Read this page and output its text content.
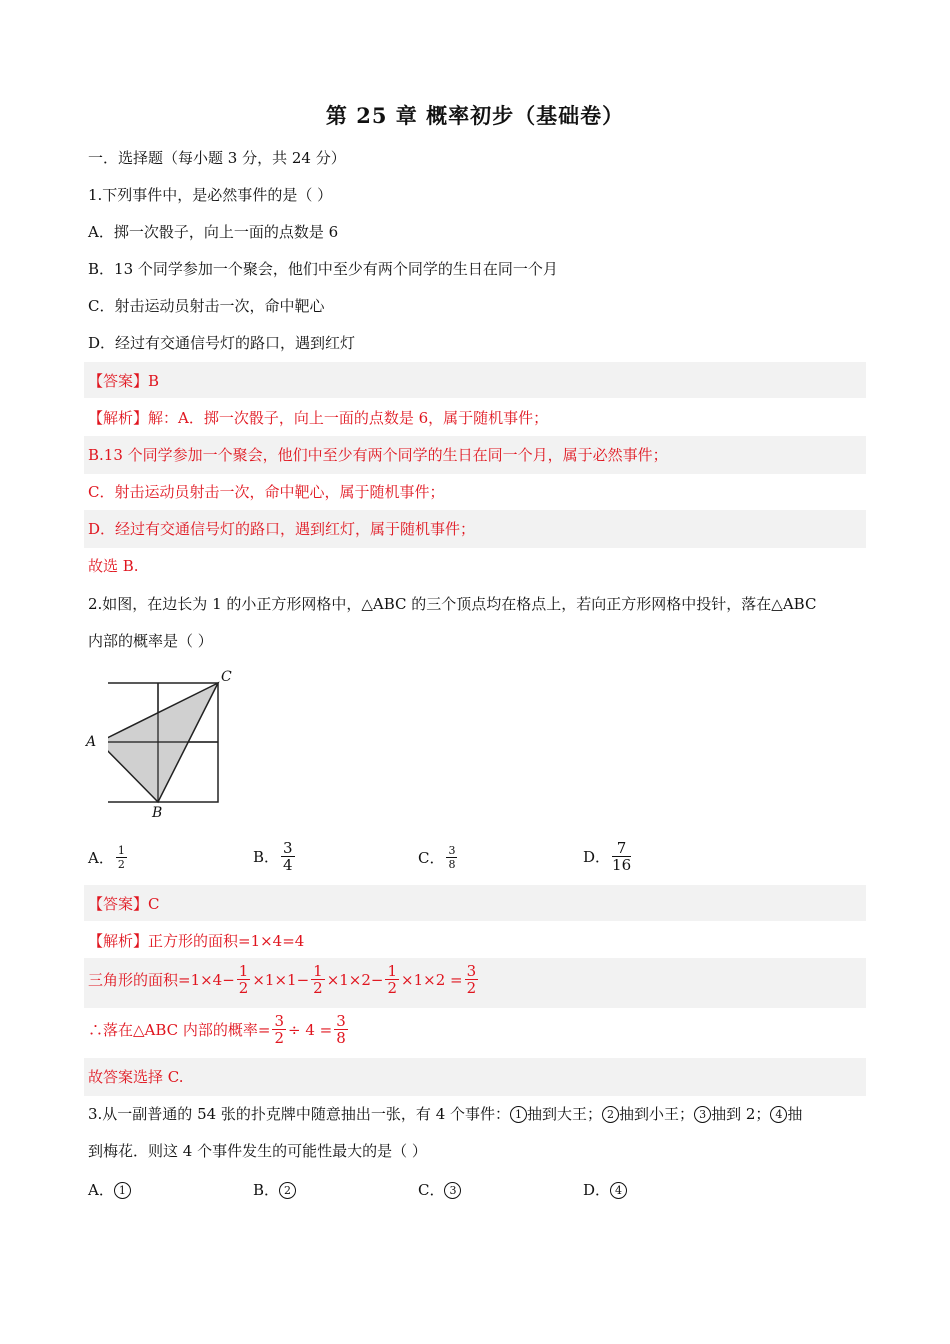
第 25 章 概率初步（基础卷）
一．选择题（每小题 3 分，共 24 分）
1.下列事件中，是必然事件的是（ ）
A．掷一次骰子，向上一面的点数是 6
B．13 个同学参加一个聚会，他们中至少有两个同学的生日在同一个月
C．射击运动员射击一次，命中靶心
D．经过有交通信号灯的路口，遇到红灯
【答案】B
【解析】解：A．掷一次骰子，向上一面的点数是 6，属于随机事件；
B.13 个同学参加一个聚会，他们中至少有两个同学的生日在同一个月，属于必然事件；
C．射击运动员射击一次，命中靶心，属于随机事件；
D．经过有交通信号灯的路口，遇到红灯，属于随机事件；
故选 B.
2.如图，在边长为 1 的小正方形网格中，△ABC 的三个顶点均在格点上，若向正方形网格中投针，落在△ABC
内部的概率是（ ）
A
B
C
A． $\frac{1}{2}$	B． $\frac{3}{4}$	C． $\frac{3}{8}$	D． $\frac{7}{16}$
【答案】C
【解析】正方形的面积=1×4=4
三角形的面积$=1\times 4- \frac{1}{2} \times 1\times 1- \frac{1}{2} \times 1\times 2- \frac{1}{2} \times 1\times 2 = \frac{3}{2}$
∴落在△ABC 内部的概率= $\frac{3}{2} \div 4 = \frac{3}{8}$
故答案选择 C.
3.从一副普通的 54 张的扑克牌中随意抽出一张，有 4 个事件： 1 抽到大王； 2 抽到小王； 3 抽到 2； 4 抽
到梅花．则这 4 个事件发生的可能性最大的是（ ）
A． 1	B． 2	C． 3	D． 4
